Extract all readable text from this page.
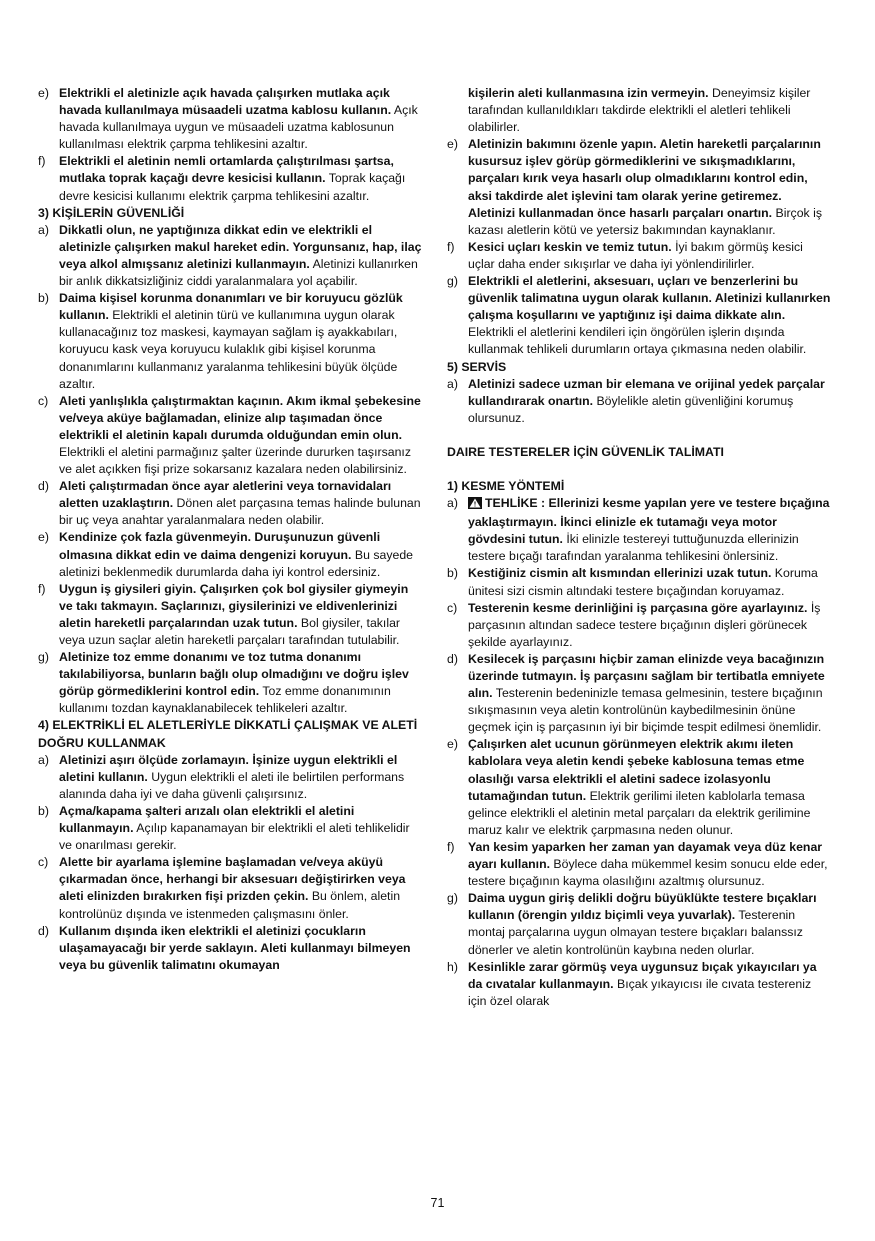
e) Elektrikli el aletinizle açık havada çalışırken mutlaka açık havada kullanılmaya müsaadeli uzatma kablosu kullanın. Açık havada kullanılmaya uygun ve müsaadeli uzatma kablosunun kullanılması elektrik çarpma tehlikesini azaltır.
f) Elektrikli el aletinin nemli ortamlarda çalıştırılması şartsa, mutlaka toprak kaçağı devre kesicisi kullanın. Toprak kaçağı devre kesicisi kullanımı elektrik çarpma tehlikesini azaltır.
3) KİŞİLERİN GÜVENLİĞİ
a) Dikkatli olun, ne yaptığınıza dikkat edin ve elektrikli el aletinizle çalışırken makul hareket edin. Yorgunsanız, hap, ilaç veya alkol almışsanız aletinizi kullanmayın. Aletinizi kullanırken bir anlık dikkatsizliğiniz ciddi yaralanmalara yol açabilir.
b) Daima kişisel korunma donanımları ve bir koruyucu gözlük kullanın. Elektrikli el aletinin türü ve kullanımına uygun olarak kullanacağınız toz maskesi, kaymayan sağlam iş ayakkabıları, koruyucu kask veya koruyucu kulaklık gibi kişisel korunma donanımlarını kullanmanız yaralanma tehlikesini büyük ölçüde azaltır.
c) Aleti yanlışlıkla çalıştırmaktan kaçının. Akım ikmal şebekesine ve/veya aküye bağlamadan, elinize alıp taşımadan önce elektrikli el aletinin kapalı durumda olduğundan emin olun. Elektrikli el aletini parmağınız şalter üzerinde dururken taşırsanız ve alet açıkken fişi prize sokarsanız kazalara neden olabilirsiniz.
d) Aleti çalıştırmadan önce ayar aletlerini veya tornavidaları aletten uzaklaştırın. Dönen alet parçasına temas halinde bulunan bir uç veya anahtar yaralanmalara neden olabilir.
e) Kendinize çok fazla güvenmeyin. Duruşunuzun güvenli olmasına dikkat edin ve daima dengenizi koruyun. Bu sayede aletinizi beklenmedik durumlarda daha iyi kontrol edersiniz.
f) Uygun iş giysileri giyin. Çalışırken çok bol giysiler giymeyin ve takı takmayın. Saçlarınızı, giysilerinizi ve eldivenlerinizi aletin hareketli parçalarından uzak tutun. Bol giysiler, takılar veya uzun saçlar aletin hareketli parçaları tarafından tutulabilir.
g) Aletinize toz emme donanımı ve toz tutma donanımı takılabiliyorsa, bunların bağlı olup olmadığını ve doğru işlev görüp görmediklerini kontrol edin. Toz emme donanımının kullanımı tozdan kaynaklanabilecek tehlikeleri azaltır.
4) ELEKTRİKLİ EL ALETLERİYLE DİKKATLİ ÇALIŞMAK VE ALETİ DOĞRU KULLANMAK
a) Aletinizi aşırı ölçüde zorlamayın. İşinize uygun elektrikli el aletini kullanın. Uygun elektrikli el aleti ile belirtilen performans alanında daha iyi ve daha güvenli çalışırsınız.
b) Açma/kapama şalteri arızalı olan elektrikli el aletini kullanmayın. Açılıp kapanamayan bir elektrikli el aleti tehlikelidir ve onarılması gerekir.
c) Alette bir ayarlama işlemine başlamadan ve/veya aküyü çıkarmadan önce, herhangi bir aksesuarı değiştirirken veya aleti elinizden bırakırken fişi prizden çekin. Bu önlem, aletin kontrolünüz dışında ve istenmeden çalışmasını önler.
d) Kullanım dışında iken elektrikli el aletinizi çocukların ulaşamayacağı bir yerde saklayın. Aleti kullanmayı bilmeyen veya bu güvenlik talimatını okumayan
kişilerin aleti kullanmasına izin vermeyin. Deneyimsiz kişiler tarafından kullanıldıkları takdirde elektrikli el aletleri tehlikeli olabilirler.
e) Aletinizin bakımını özenle yapın. Aletin hareketli parçalarının kusursuz işlev görüp görmediklerini ve sıkışmadıklarını, parçaları kırık veya hasarlı olup olmadıklarını kontrol edin, aksi takdirde alet işlevini tam olarak yerine getiremez. Aletinizi kullanmadan önce hasarlı parçaları onartın. Birçok iş kazası aletlerin kötü ve yetersiz bakımından kaynaklanır.
f) Kesici uçları keskin ve temiz tutun. İyi bakım görmüş kesici uçlar daha ender sıkışırlar ve daha iyi yönlendirilirler.
g) Elektrikli el aletlerini, aksesuarı, uçları ve benzerlerini bu güvenlik talimatına uygun olarak kullanın. Aletinizi kullanırken çalışma koşullarını ve yaptığınız işi daima dikkate alın. Elektrikli el aletlerini kendileri için öngörülen işlerin dışında kullanmak tehlikeli durumların ortaya çıkmasına neden olabilir.
5) SERVİS
a) Aletinizi sadece uzman bir elemana ve orijinal yedek parçalar kullandırarak onartın. Böylelikle aletin güvenliğini korumuş olursunuz.
DAIRE TESTERELER İÇİN GÜVENLİK TALİMATI
1) KESME YÖNTEMİ
a) TEHLİKE : Ellerinizi kesme yapılan yere ve testere bıçağına yaklaştırmayın. İkinci elinizle ek tutamağı veya motor gövdesini tutun. İki elinizle testereyi tuttuğunuzda ellerinizin testere bıçağı tarafından yaralanma tehlikesini önlersiniz.
b) Kestiğiniz cismin alt kısmından ellerinizi uzak tutun. Koruma ünitesi sizi cismin altındaki testere bıçağından koruyamaz.
c) Testerenin kesme derinliğini iş parçasına göre ayarlayınız. İş parçasının altından sadece testere bıçağının dişleri görünecek şekilde ayarlayınız.
d) Kesilecek iş parçasını hiçbir zaman elinizde veya bacağınızın üzerinde tutmayın. İş parçasını sağlam bir tertibatla emniyete alın. Testerenin bedeninizle temasa gelmesinin, testere bıçağının sıkışmasının veya aletin kontrolünün kaybedilmesinin önüne geçmek için iş parçasının iyi bir biçimde tespit edilmesi önemlidir.
e) Çalışırken alet ucunun görünmeyen elektrik akımı ileten kablolara veya aletin kendi şebeke kablosuna temas etme olasılığı varsa elektrikli el aletini sadece izolasyonlu tutamağından tutun. Elektrik gerilimi ileten kablolarla temasa gelince elektrikli el aletinin metal parçaları da elektrik gerilimine maruz kalır ve elektrik çarpmasına neden olunur.
f) Yan kesim yaparken her zaman yan dayamak veya düz kenar ayarı kullanın. Böylece daha mükemmel kesim sonucu elde eder, testere bıçağının kayma olasılığını azaltmış olursunuz.
g) Daima uygun giriş delikli doğru büyüklükte testere bıçakları kullanın (örengin yıldız biçimli veya yuvarlak). Testerenin montaj parçalarına uygun olmayan testere bıçakları balanssız dönerler ve aletin kontrolünün kaybına neden olurlar.
h) Kesinlikle zarar görmüş veya uygunsuz bıçak yıkayıcıları ya da cıvatalar kullanmayın. Bıçak yıkayıcısı ile cıvata testereniz için özel olarak
71
